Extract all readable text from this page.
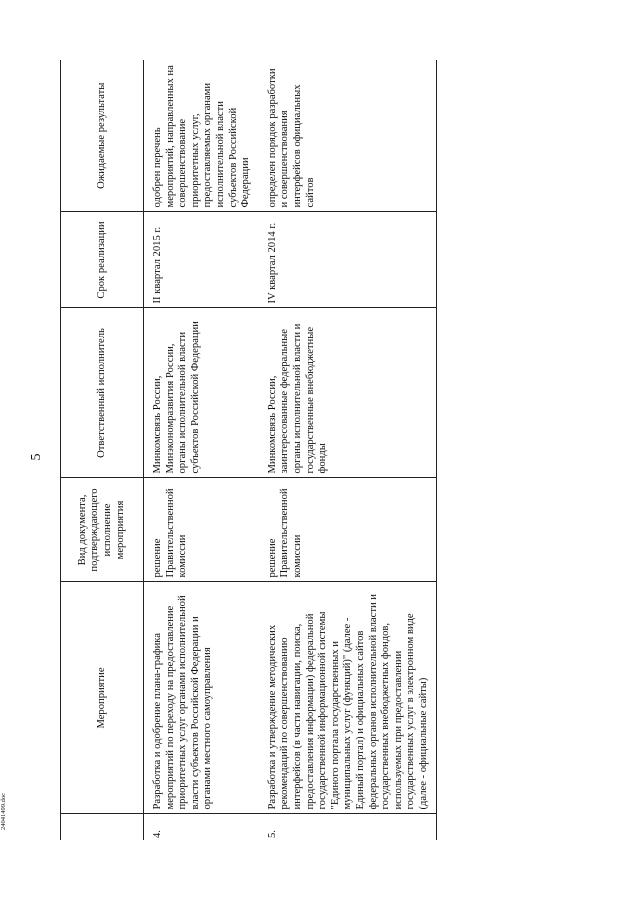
5
24041499.doc
	Мероприятие	Вид документа, подтверждающего исполнение мероприятия	Ответственный исполнитель	Срок реализации	Ожидаемые результаты
4.	Разработка и одобрение плана-графика мероприятий по переходу на предоставление приоритетных услуг органами исполнительной власти субъектов Российской Федерации и органами местного самоуправления	решение Правительственной комиссии	Минкомсвязь России, Минэкономразвития России, органы исполнительной власти субъектов Российской Федерации	II квартал 2015 г.	одобрен перечень мероприятий, направленных на совершенствование приоритетных услуг, предоставляемых органами исполнительной власти субъектов Российской Федерации
5.	Разработка и утверждение методических рекомендаций по совершенствованию интерфейсов (в части навигации, поиска, предоставления информации) федеральной государственной информационной системы "Единого портала государственных и муниципальных услуг (функций)" (далее - Единый портал) и официальных сайтов федеральных органов исполнительной власти и государственных внебюджетных фондов, используемых при предоставлении государственных услуг в электронном виде (далее - официальные сайты)	решение Правительственной комиссии	Минкомсвязь России, заинтересованные федеральные органы исполнительной власти и государственные внебюджетные фонды	IV квартал 2014 г.	определен порядок разработки и совершенствования интерфейсов официальных сайтов
